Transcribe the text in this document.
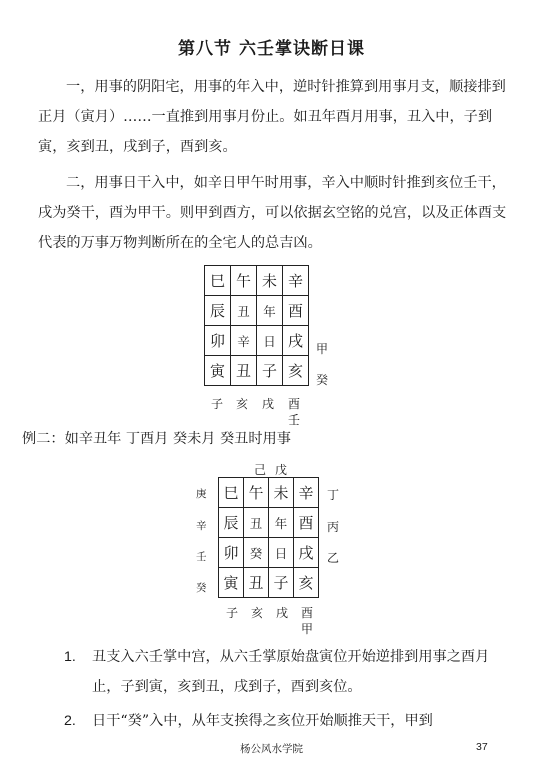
第八节 六壬掌诀断日课

一，用事的阴阳宅，用事的年入中，逆时针推算到用事月支，顺接排到正月（寅月）……一直推到用事月份止。如丑年酉月用事，丑入中，子到寅，亥到丑，戌到子，酉到亥。

二，用事日干入中，如辛日甲午时用事，辛入中顺时针推到亥位壬干，戌为癸干，酉为甲干。则甲到酉方，可以依据玄空铭的兑宫，以及正体酉支代表的万事万物判断所在的全宅人的总吉凶。

巳	午	未	辛
辰	丑	年	酉
卯	辛	日	戌
寅	丑	子	亥
甲
癸
子 亥 戌 酉
壬
例二：如辛丑年 丁酉月 癸未月 癸丑时用事
己 戊
庚
辛
壬
癸
巳	午	未	辛
辰	丑	年	酉
卯	癸	日	戌
寅	丑	子	亥
丁
丙
乙
子 亥 戌 酉
甲
1. 丑支入六壬掌中宫，从六壬掌原始盘寅位开始逆排到用事之酉月止，子到寅，亥到丑，戌到子，酉到亥位。
2. 日干“癸”入中，从年支挨得之亥位开始顺推天干，甲到
杨公风水学院	37
